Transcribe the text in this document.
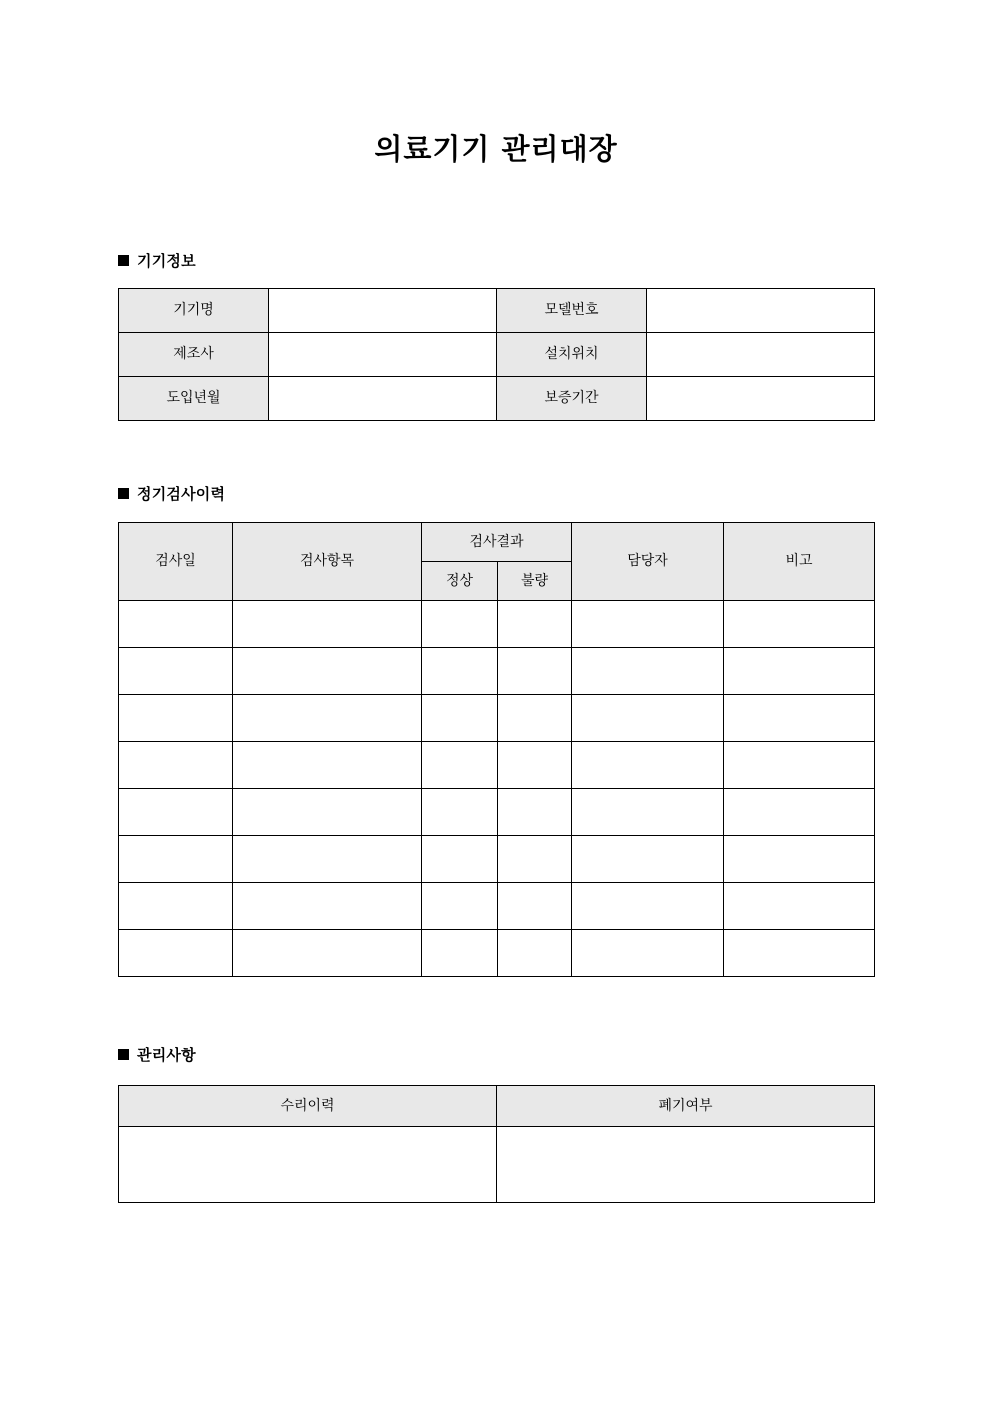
의료기기 관리대장
기기정보
기기명		모델번호	
제조사		설치위치	
도입년월		보증기간	
정기검사이력
검사일	검사항목	검사결과		담당자	비고
		정상	불량		

관리사항
수리이력	폐기여부
